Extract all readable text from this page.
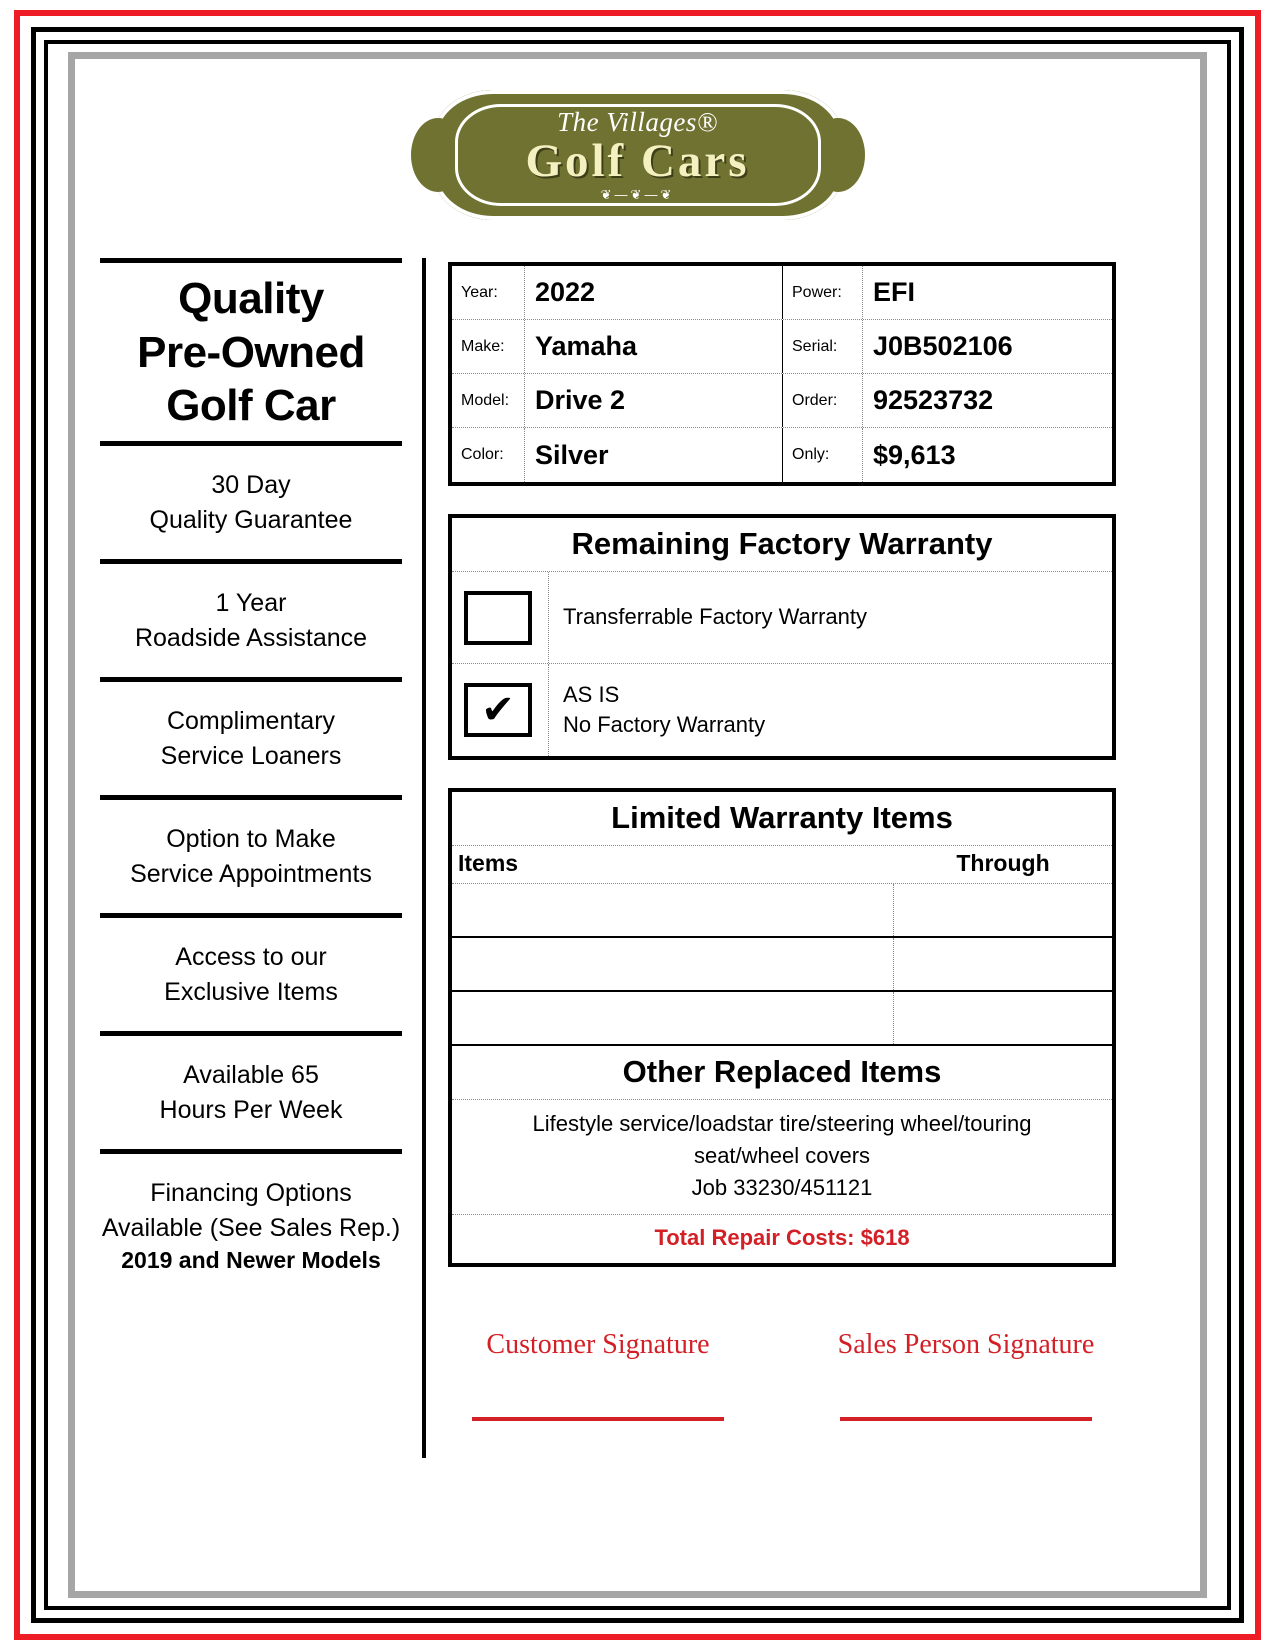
The Villages®
Golf Cars
❦—❦—❦
Quality
Pre-Owned
Golf Car
30 Day
Quality Guarantee
1 Year
Roadside Assistance
Complimentary
Service Loaners
Option to Make
Service Appointments
Access to our
Exclusive Items
Available 65
Hours Per Week
Financing Options
Available (See Sales Rep.)
2019 and Newer Models
Year:	2022	Power:	EFI
Make:	Yamaha	Serial:	J0B502106
Model: Drive 2	Order:	92523732
Color:	Silver	Only:	$9,613
Remaining Factory Warranty
Transferrable Factory Warranty
✔	AS IS
No Factory Warranty
Limited Warranty Items
Items	Through
Other Replaced Items
Lifestyle service/loadstar tire/steering wheel/touring
seat/wheel covers
Job 33230/451121
Total Repair Costs: $618
Customer Signature	Sales Person Signature
